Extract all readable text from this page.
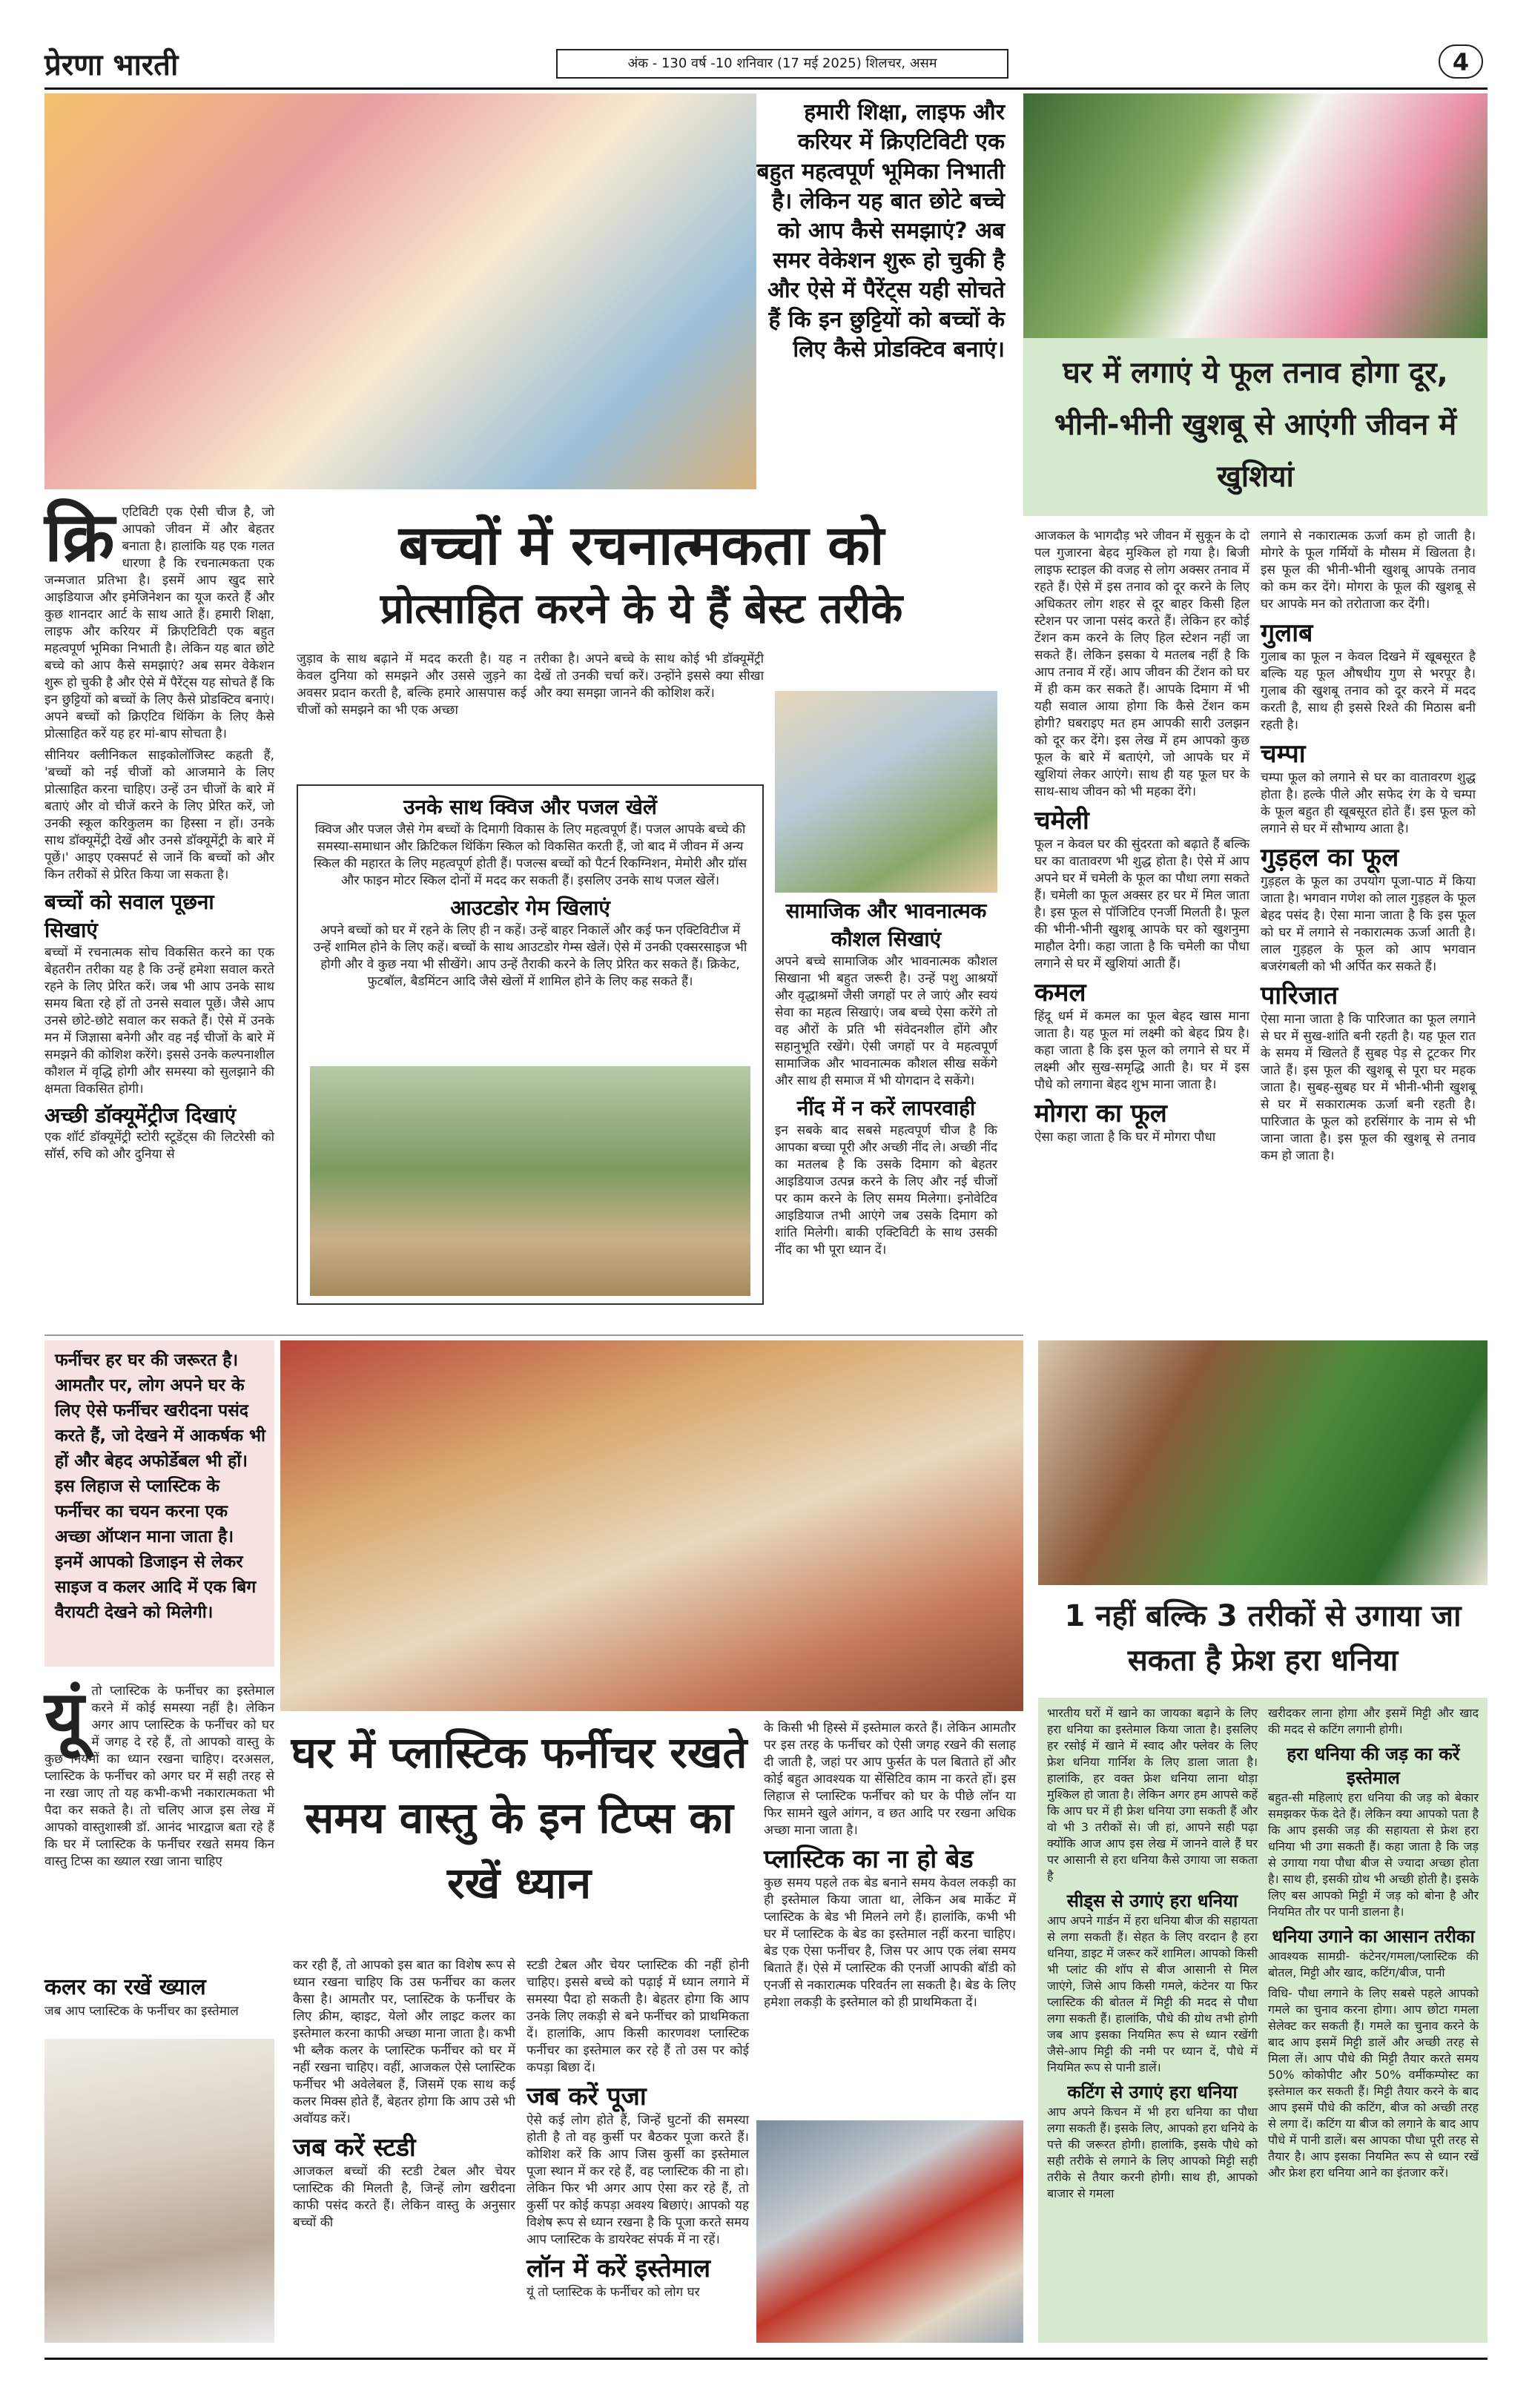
प्रेरणा भारती	अंक - 130 वर्ष -10 शनिवार (17 मई 2025) शिलचर, असम	4
हमारी शिक्षा, लाइफ और करियर में क्रिएटिविटी एक बहुत महत्वपूर्ण भूमिका निभाती है। लेकिन यह बात छोटे बच्चे को आप कैसे समझाएं? अब समर वेकेशन शुरू हो चुकी है और ऐसे में पैरेंट्स यही सोचते हैं कि इन छुट्टियों को बच्चों के लिए कैसे प्रोडक्टिव बनाएं।
घर में लगाएं ये फूल तनाव होगा दूर, भीनी-भीनी खुशबू से आएंगी जीवन में खुशियां
क्रि एटिविटी एक ऐसी चीज है, जो आपको जीवन में और बेहतर बनाता है। हालांकि यह एक गलत धारणा है कि रचनात्मकता एक जन्मजात प्रतिभा है। इसमें आप खुद सारे आइडियाज और इमेजिनेशन का यूज करते हैं और कुछ शानदार आर्ट के साथ आते हैं। हमारी शिक्षा, लाइफ और करियर में क्रिएटिविटी एक बहुत महत्वपूर्ण भूमिका निभाती है। लेकिन यह बात छोटे बच्चे को आप कैसे समझाएं? अब समर वेकेशन शुरू हो चुकी है और ऐसे में पैरेंट्स यह सोचते हैं कि इन छुट्टियों को बच्चों के लिए कैसे प्रोडक्टिव बनाएं। अपने बच्चों को क्रिएटिव थिंकिंग के लिए कैसे प्रोत्साहित करें यह हर मां-बाप सोचता है।

सीनियर क्लीनिकल साइकोलॉजिस्ट कहती हैं, 'बच्चों को नई चीजों को आजमाने के लिए प्रोत्साहित करना चाहिए। उन्हें उन चीजों के बारे में बताएं और वो चीजें करने के लिए प्रेरित करें, जो उनकी स्कूल करिकुलम का हिस्सा न हों। उनके साथ डॉक्यूमेंट्री देखें और उनसे डॉक्यूमेंट्री के बारे में पूछें।' आइए एक्सपर्ट से जानें कि बच्चों को और किन तरीकों से प्रेरित किया जा सकता है।

बच्चों को सवाल पूछना सिखाएं

बच्चों में रचनात्मक सोच विकसित करने का एक बेहतरीन तरीका यह है कि उन्हें हमेशा सवाल करते रहने के लिए प्रेरित करें। जब भी आप उनके साथ समय बिता रहे हों तो उनसे सवाल पूछें। जैसे आप उनसे छोटे-छोटे सवाल कर सकते हैं। ऐसे में उनके मन में जिज्ञासा बनेगी और वह नई चीजों के बारे में समझने की कोशिश करेंगे। इससे उनके कल्पनाशील कौशल में वृद्धि होगी और समस्या को सुलझाने की क्षमता विकसित होगी।

अच्छी डॉक्यूमेंट्रीज दिखाएं

एक शॉर्ट डॉक्यूमेंट्री स्टोरी स्टूडेंट्स की लिटरेसी को सॉर्स, रुचि को और दुनिया से

बच्चों में रचनात्मकता को
प्रोत्साहित करने के ये हैं बेस्ट तरीके
जुड़ाव के साथ बढ़ाने में मदद करती है। यह न केवल दुनिया को समझने और उससे जुड़ने का अवसर प्रदान करती है, बल्कि हमारे आसपास कई चीजों को समझने का भी एक अच्छा
तरीका है। अपने बच्चे के साथ कोई भी डॉक्यूमेंट्री देखें तो उनकी चर्चा करें। उन्होंने इससे क्या सीखा और क्या समझा जानने की कोशिश करें।
उनके साथ क्विज और पजल खेलें

क्विज और पजल जैसे गेम बच्चों के दिमागी विकास के लिए महत्वपूर्ण हैं। पजल आपके बच्चे की समस्या-समाधान और क्रिटिकल थिंकिंग स्किल को विकसित करती हैं, जो बाद में जीवन में अन्य स्किल की महारत के लिए महत्वपूर्ण होती हैं। पजल्स बच्चों को पैटर्न रिकग्निशन, मेमोरी और ग्रॉस और फाइन मोटर स्किल दोनों में मदद कर सकती हैं। इसलिए उनके साथ पजल खेलें।

आउटडोर गेम खिलाएं

अपने बच्चों को घर में रहने के लिए ही न कहें। उन्हें बाहर निकालें और कई फन एक्टिविटीज में उन्हें शामिल होने के लिए कहें। बच्चों के साथ आउटडोर गेम्स खेलें। ऐसे में उनकी एक्सरसाइज भी होगी और वे कुछ नया भी सीखेंगे। आप उन्हें तैराकी करने के लिए प्रेरित कर सकते हैं। क्रिकेट, फुटबॉल, बैडमिंटन आदि जैसे खेलों में शामिल होने के लिए कह सकते हैं।

सामाजिक और भावनात्मक कौशल सिखाएं

अपने बच्चे सामाजिक और भावनात्मक कौशल सिखाना भी बहुत जरूरी है। उन्हें पशु आश्रयों और वृद्धाश्रमों जैसी जगहों पर ले जाएं और स्वयं सेवा का महत्व सिखाएं। जब बच्चे ऐसा करेंगे तो वह औरों के प्रति भी संवेदनशील होंगे और सहानुभूति रखेंगे। ऐसी जगहों पर वे महत्वपूर्ण सामाजिक और भावनात्मक कौशल सीख सकेंगे और साथ ही समाज में भी योगदान दे सकेंगे।

नींद में न करें लापरवाही

इन सबके बाद सबसे महत्वपूर्ण चीज है कि आपका बच्चा पूरी और अच्छी नींद ले। अच्छी नींद का मतलब है कि उसके दिमाग को बेहतर आइडियाज उत्पन्न करने के लिए और नई चीजों पर काम करने के लिए समय मिलेगा। इनोवेटिव आइडियाज तभी आएंगे जब उसके दिमाग को शांति मिलेगी। बाकी एक्टिविटी के साथ उसकी नींद का भी पूरा ध्यान दें।

आजकल के भागदौड़ भरे जीवन में सुकून के दो पल गुजारना बेहद मुश्किल हो गया है। बिजी लाइफ स्टाइल की वजह से लोग अक्सर तनाव में रहते हैं। ऐसे में इस तनाव को दूर करने के लिए अधिकतर लोग शहर से दूर बाहर किसी हिल स्टेशन पर जाना पसंद करते हैं। लेकिन हर कोई टेंशन कम करने के लिए हिल स्टेशन नहीं जा सकते हैं। लेकिन इसका ये मतलब नहीं है कि आप तनाव में रहें। आप जीवन की टेंशन को घर में ही कम कर सकते हैं। आपके दिमाग में भी यही सवाल आया होगा कि कैसे टेंशन कम होगी? घबराइए मत हम आपकी सारी उलझन को दूर कर देंगे। इस लेख में हम आपको कुछ फूल के बारे में बताएंगे, जो आपके घर में खुशियां लेकर आएंगे। साथ ही यह फूल घर के साथ-साथ जीवन को भी महका देंगे।

चमेली

फूल न केवल घर की सुंदरता को बढ़ाते हैं बल्कि घर का वातावरण भी शुद्ध होता है। ऐसे में आप अपने घर में चमेली के फूल का पौधा लगा सकते हैं। चमेली का फूल अक्सर हर घर में मिल जाता है। इस फूल से पॉजिटिव एनर्जी मिलती है। फूल की भीनी-भीनी खुशबू आपके घर को खुशनुमा माहौल देगी। कहा जाता है कि चमेली का पौधा लगाने से घर में खुशियां आती हैं।

कमल

हिंदू धर्म में कमल का फूल बेहद खास माना जाता है। यह फूल मां लक्ष्मी को बेहद प्रिय है। कहा जाता है कि इस फूल को लगाने से घर में लक्ष्मी और सुख-समृद्धि आती है। घर में इस पौधे को लगाना बेहद शुभ माना जाता है।

मोगरा का फूल

ऐसा कहा जाता है कि घर में मोगरा पौधा

लगाने से नकारात्मक ऊर्जा कम हो जाती है। मोगरे के फूल गर्मियों के मौसम में खिलता है। इस फूल की भीनी-भीनी खुशबू आपके तनाव को कम कर देंगे। मोगरा के फूल की खुशबू से घर आपके मन को तरोताजा कर देंगी।

गुलाब

गुलाब का फूल न केवल दिखने में खूबसूरत है बल्कि यह फूल औषधीय गुण से भरपूर है। गुलाब की खुशबू तनाव को दूर करने में मदद करती है, साथ ही इससे रिश्ते की मिठास बनी रहती है।

चम्पा

चम्पा फूल को लगाने से घर का वातावरण शुद्ध होता है। हल्के पीले और सफेद रंग के ये चम्पा के फूल बहुत ही खूबसूरत होते हैं। इस फूल को लगाने से घर में सौभाग्य आता है।

गुड़हल का फूल

गुड़हल के फूल का उपयोग पूजा-पाठ में किया जाता है। भगवान गणेश को लाल गुड़हल के फूल बेहद पसंद है। ऐसा माना जाता है कि इस फूल को घर में लगाने से नकारात्मक ऊर्जा आती है। लाल गुड़हल के फूल को आप भगवान बजरंगबली को भी अर्पित कर सकते हैं।

पारिजात

ऐसा माना जाता है कि पारिजात का फूल लगाने से घर में सुख-शांति बनी रहती है। यह फूल रात के समय में खिलते हैं सुबह पेड़ से टूटकर गिर जाते हैं। इस फूल की खुशबू से पूरा घर महक जाता है। सुबह-सुबह घर में भीनी-भीनी खुशबू से घर में सकारात्मक ऊर्जा बनी रहती है। पारिजात के फूल को हरसिंगार के नाम से भी जाना जाता है। इस फूल की खुशबू से तनाव कम हो जाता है।

फर्नीचर हर घर की जरूरत है। आमतौर पर, लोग अपने घर के लिए ऐसे फर्नीचर खरीदना पसंद करते हैं, जो देखने में आकर्षक भी हों और बेहद अफोर्डेबल भी हों। इस लिहाज से प्लास्टिक के फर्नीचर का चयन करना एक अच्छा ऑप्शन माना जाता है। इनमें आपको डिजाइन से लेकर साइज व कलर आदि में एक बिग वैरायटी देखने को मिलेगी।
यूं तो प्लास्टिक के फर्नीचर का इस्तेमाल करने में कोई समस्या नहीं है। लेकिन अगर आप प्लास्टिक के फर्नीचर को घर में जगह दे रहे हैं, तो आपको वास्तु के कुछ नियमों का ध्यान रखना चाहिए। दरअसल, प्लास्टिक के फर्नीचर को अगर घर में सही तरह से ना रखा जाए तो यह कभी-कभी नकारात्मकता भी पैदा कर सकते है। तो चलिए आज इस लेख में आपको वास्तुशास्त्री डॉ. आनंद भारद्वाज बता रहे हैं कि घर में प्लास्टिक के फर्नीचर रखते समय किन वास्तु टिप्स का ख्याल रखा जाना चाहिए
घर में प्लास्टिक फर्नीचर रखते समय वास्तु के इन टिप्स का रखें ध्यान
कलर का रखें ख्याल

जब आप प्लास्टिक के फर्नीचर का इस्तेमाल

कर रही हैं, तो आपको इस बात का विशेष रूप से ध्यान रखना चाहिए कि उस फर्नीचर का कलर कैसा है। आमतौर पर, प्लास्टिक के फर्नीचर के लिए क्रीम, व्हाइट, येलो और लाइट कलर का इस्तेमाल करना काफी अच्छा माना जाता है। कभी भी ब्लैक कलर के प्लास्टिक फर्नीचर को घर में नहीं रखना चाहिए। वहीं, आजकल ऐसे प्लास्टिक फर्नीचर भी अवेलेबल हैं, जिसमें एक साथ कई कलर मिक्स होते हैं, बेहतर होगा कि आप उसे भी अवॉयड करें।

जब करें स्टडी

आजकल बच्चों की स्टडी टेबल और चेयर प्लास्टिक की मिलती है, जिन्हें लोग खरीदना काफी पसंद करते हैं। लेकिन वास्तु के अनुसार बच्चों की

स्टडी टेबल और चेयर प्लास्टिक की नहीं होनी चाहिए। इससे बच्चे को पढ़ाई में ध्यान लगाने में समस्या पैदा हो सकती है। बेहतर होगा कि आप उनके लिए लकड़ी से बने फर्नीचर को प्राथमिकता दें। हालांकि, आप किसी कारणवश प्लास्टिक फर्नीचर का इस्तेमाल कर रहे हैं तो उस पर कोई कपड़ा बिछा दें।

जब करें पूजा

ऐसे कई लोग होते हैं, जिन्हें घुटनों की समस्या होती है तो वह कुर्सी पर बैठकर पूजा करते हैं। कोशिश करें कि आप जिस कुर्सी का इस्तेमाल पूजा स्थान में कर रहे हैं, वह प्लास्टिक की ना हो। लेकिन फिर भी अगर आप ऐसा कर रहे हैं, तो कुर्सी पर कोई कपड़ा अवश्य बिछाएं। आपको यह विशेष रूप से ध्यान रखना है कि पूजा करते समय आप प्लास्टिक के डायरेक्ट संपर्क में ना रहें।

लॉन में करें इस्तेमाल

यूं तो प्लास्टिक के फर्नीचर को लोग घर

के किसी भी हिस्से में इस्तेमाल करते हैं। लेकिन आमतौर पर इस तरह के फर्नीचर को ऐसी जगह रखने की सलाह दी जाती है, जहां पर आप फुर्सत के पल बिताते हों और कोई बहुत आवश्यक या सेंसिटिव काम ना करते हों। इस लिहाज से प्लास्टिक फर्नीचर को घर के पीछे लॉन या फिर सामने खुले आंगन, व छत आदि पर रखना अधिक अच्छा माना जाता है।

प्लास्टिक का ना हो बेड

कुछ समय पहले तक बेड बनाने समय केवल लकड़ी का ही इस्तेमाल किया जाता था, लेकिन अब मार्केट में प्लास्टिक के बेड भी मिलने लगे हैं। हालांकि, कभी भी घर में प्लास्टिक के बेड का इस्तेमाल नहीं करना चाहिए। बेड एक ऐसा फर्नीचर है, जिस पर आप एक लंबा समय बिताते हैं। ऐसे में प्लास्टिक की एनर्जी आपकी बॉडी को एनर्जी से नकारात्मक परिवर्तन ला सकती है। बेड के लिए हमेशा लकड़ी के इस्तेमाल को ही प्राथमिकता दें।

1 नहीं बल्कि 3 तरीकों से उगाया जा सकता है फ्रेश हरा धनिया

भारतीय घरों में खाने का जायका बढ़ाने के लिए हरा धनिया का इस्तेमाल किया जाता है। इसलिए हर रसोई में खाने में स्वाद और फ्लेवर के लिए फ्रेश धनिया गार्निश के लिए डाला जाता है। हालांकि, हर वक्त फ्रेश धनिया लाना थोड़ा मुश्किल हो जाता है। लेकिन अगर हम आपसे कहें कि आप घर में ही फ्रेश धनिया उगा सकती हैं और वो भी 3 तरीकों से। जी हां, आपने सही पढ़ा क्योंकि आज आप इस लेख में जानने वाले हैं घर पर आसानी से हरा धनिया कैसे उगाया जा सकता है

सीड्स से उगाएं हरा धनिया

आप अपने गार्डन में हरा धनिया बीज की सहायता से लगा सकती हैं। सेहत के लिए वरदान है हरा धनिया, डाइट में जरूर करें शामिल। आपको किसी भी प्लांट की शॉप से बीज आसानी से मिल जाएंगे, जिसे आप किसी गमले, कंटेनर या फिर प्लास्टिक की बोतल में मिट्टी की मदद से पौधा लगा सकती हैं। हालांकि, पौधे की ग्रोथ तभी होगी जब आप इसका नियमित रूप से ध्यान रखेंगी जैसे-आप मिट्टी की नमी पर ध्यान दें, पौधे में नियमित रूप से पानी डालें।

कटिंग से उगाएं हरा धनिया

आप अपने किचन में भी हरा धनिया का पौधा लगा सकती हैं। इसके लिए, आपको हरा धनिये के पत्ते की जरूरत होगी। हालांकि, इसके पौधे को सही तरीके से लगाने के लिए आपको मिट्टी सही तरीके से तैयार करनी होगी। साथ ही, आपको बाजार से गमला

खरीदकर लाना होगा और इसमें मिट्टी और खाद की मदद से कटिंग लगानी होगी।

हरा धनिया की जड़ का करें इस्तेमाल

बहुत-सी महिलाएं हरा धनिया की जड़ को बेकार समझकर फेंक देते हैं। लेकिन क्या आपको पता है कि आप इसकी जड़ की सहायता से फ्रेश हरा धनिया भी उगा सकती हैं। कहा जाता है कि जड़ से उगाया गया पौधा बीज से ज्यादा अच्छा होता है। साथ ही, इसकी ग्रोथ भी अच्छी होती है। इसके लिए बस आपको मिट्टी में जड़ को बोना है और नियमित तौर पर पानी डालना है।

धनिया उगाने का आसान तरीका

आवश्यक सामग्री- कंटेनर/गमला/प्लास्टिक की बोतल, मिट्टी और खाद, कटिंग/बीज, पानी

विधि- पौधा लगाने के लिए सबसे पहले आपको गमले का चुनाव करना होगा। आप छोटा गमला सेलेक्ट कर सकती हैं। गमले का चुनाव करने के बाद आप इसमें मिट्टी डालें और अच्छी तरह से मिला लें। आप पौधे की मिट्टी तैयार करते समय 50% कोकोपीट और 50% वर्मीकम्पोस्ट का इस्तेमाल कर सकती हैं। मिट्टी तैयार करने के बाद आप इसमें पौधे की कटिंग, बीज को अच्छी तरह से लगा दें। कटिंग या बीज को लगाने के बाद आप पौधे में पानी डालें। बस आपका पौधा पूरी तरह से तैयार है। आप इसका नियमित रूप से ध्यान रखें और फ्रेश हरा धनिया आने का इंतजार करें।
